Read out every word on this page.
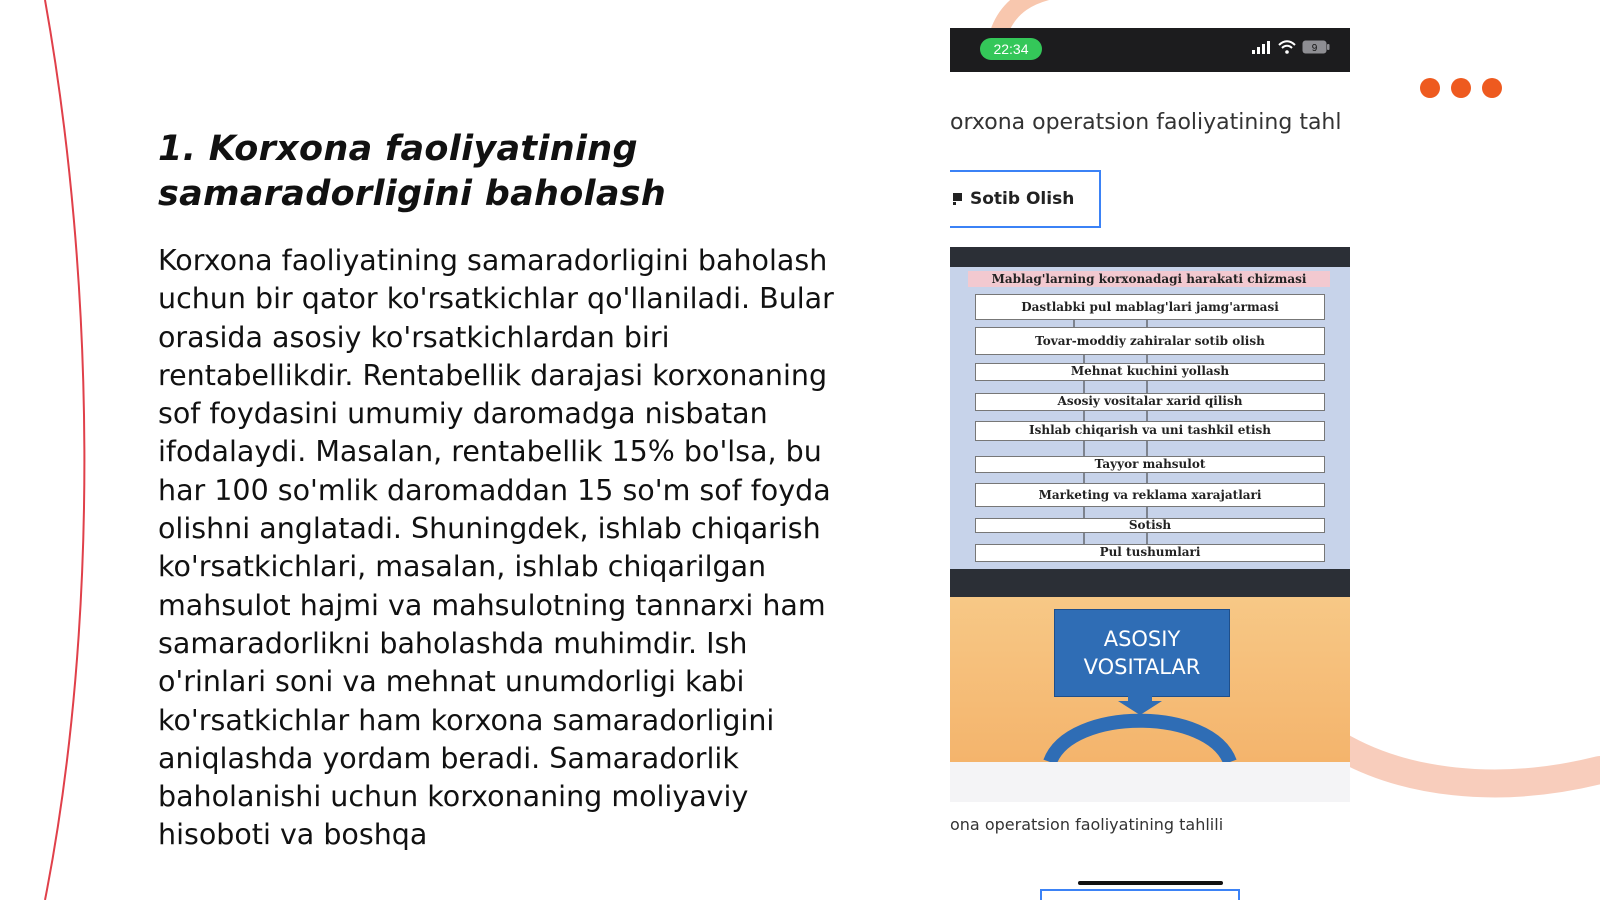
1. Korxona faoliyatining samaradorligini baholash
Korxona faoliyatining samaradorligini baholash uchun bir qator ko'rsatkichlar qo'llaniladi. Bular orasida asosiy ko'rsatkichlardan biri rentabellikdir. Rentabellik darajasi korxonaning sof foydasini umumiy daromadga nisbatan ifodalaydi. Masalan, rentabellik 15% bo'lsa, bu har 100 so'mlik daromaddan 15 so'm sof foyda olishni anglatadi. Shuningdek, ishlab chiqarish ko'rsatkichlari, masalan, ishlab chiqarilgan mahsulot hajmi va mahsulotning tannarxi ham samaradorlikni baholashda muhimdir. Ish o'rinlari soni va mehnat unumdorligi kabi ko'rsatkichlar ham korxona samaradorligini aniqlashda yordam beradi. Samaradorlik baholanishi uchun korxonaning moliyaviy hisoboti va boshqa
22:34	9
orxona operatsion faoliyatining tahl
Sotib Olish
Mablag'larning korxonadagi harakati chizmasi
Dastlabki pul mablag'lari jamg'armasi
Tovar-moddiy zahiralar sotib olish
Mehnat kuchini yollash
Asosiy vositalar xarid qilish
Ishlab chiqarish va uni tashkil etish
Tayyor mahsulot
Marketing va reklama xarajatlari
Sotish
Pul tushumlari
ASOSIY
VOSITALAR
ona operatsion faoliyatining tahlili
